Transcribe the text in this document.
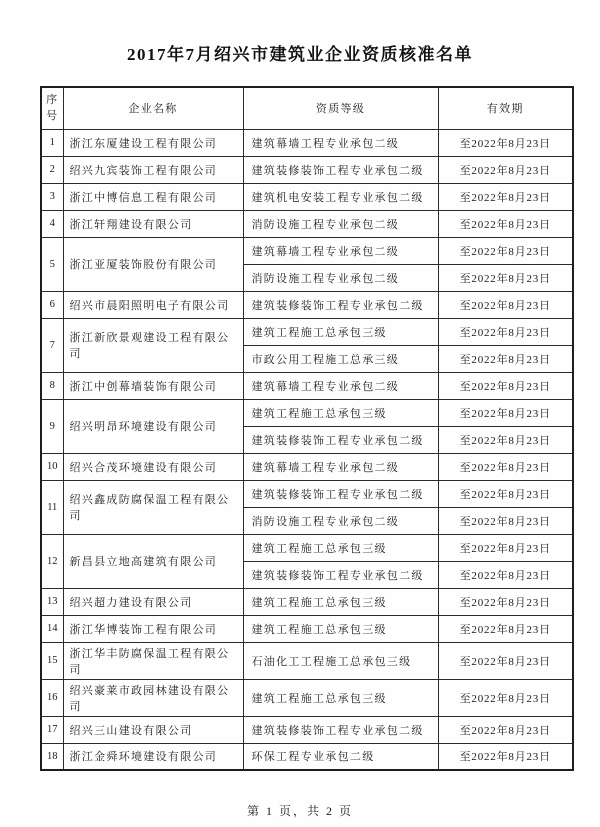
2017年7月绍兴市建筑业企业资质核准名单
序号	企业名称	资质等级	有效期
1	浙江东厦建设工程有限公司	建筑幕墙工程专业承包二级	至2022年8月23日
2	绍兴九宾装饰工程有限公司	建筑装修装饰工程专业承包二级	至2022年8月23日
3	浙江中博信息工程有限公司	建筑机电安装工程专业承包二级	至2022年8月23日
4	浙江轩翔建设有限公司	消防设施工程专业承包二级	至2022年8月23日
5	浙江亚厦装饰股份有限公司	建筑幕墙工程专业承包二级	至2022年8月23日
		消防设施工程专业承包二级	至2022年8月23日
6	绍兴市晨阳照明电子有限公司	建筑装修装饰工程专业承包二级	至2022年8月23日
7	浙江新欣景观建设工程有限公司	建筑工程施工总承包三级	至2022年8月23日
		市政公用工程施工总承三级	至2022年8月23日
8	浙江中创幕墙装饰有限公司	建筑幕墙工程专业承包二级	至2022年8月23日
9	绍兴明昂环境建设有限公司	建筑工程施工总承包三级	至2022年8月23日
		建筑装修装饰工程专业承包二级	至2022年8月23日
10	绍兴合茂环境建设有限公司	建筑幕墙工程专业承包二级	至2022年8月23日
11	绍兴鑫成防腐保温工程有限公司	建筑装修装饰工程专业承包二级	至2022年8月23日
		消防设施工程专业承包二级	至2022年8月23日
12	新昌县立地高建筑有限公司	建筑工程施工总承包三级	至2022年8月23日
		建筑装修装饰工程专业承包二级	至2022年8月23日
13	绍兴超力建设有限公司	建筑工程施工总承包三级	至2022年8月23日
14	浙江华博装饰工程有限公司	建筑工程施工总承包三级	至2022年8月23日
15	浙江华丰防腐保温工程有限公司	石油化工工程施工总承包三级	至2022年8月23日
16	绍兴豪莱市政园林建设有限公司	建筑工程施工总承包三级	至2022年8月23日
17	绍兴三山建设有限公司	建筑装修装饰工程专业承包二级	至2022年8月23日
18	浙江金舜环境建设有限公司	环保工程专业承包二级	至2022年8月23日
第 1 页，共 2 页
